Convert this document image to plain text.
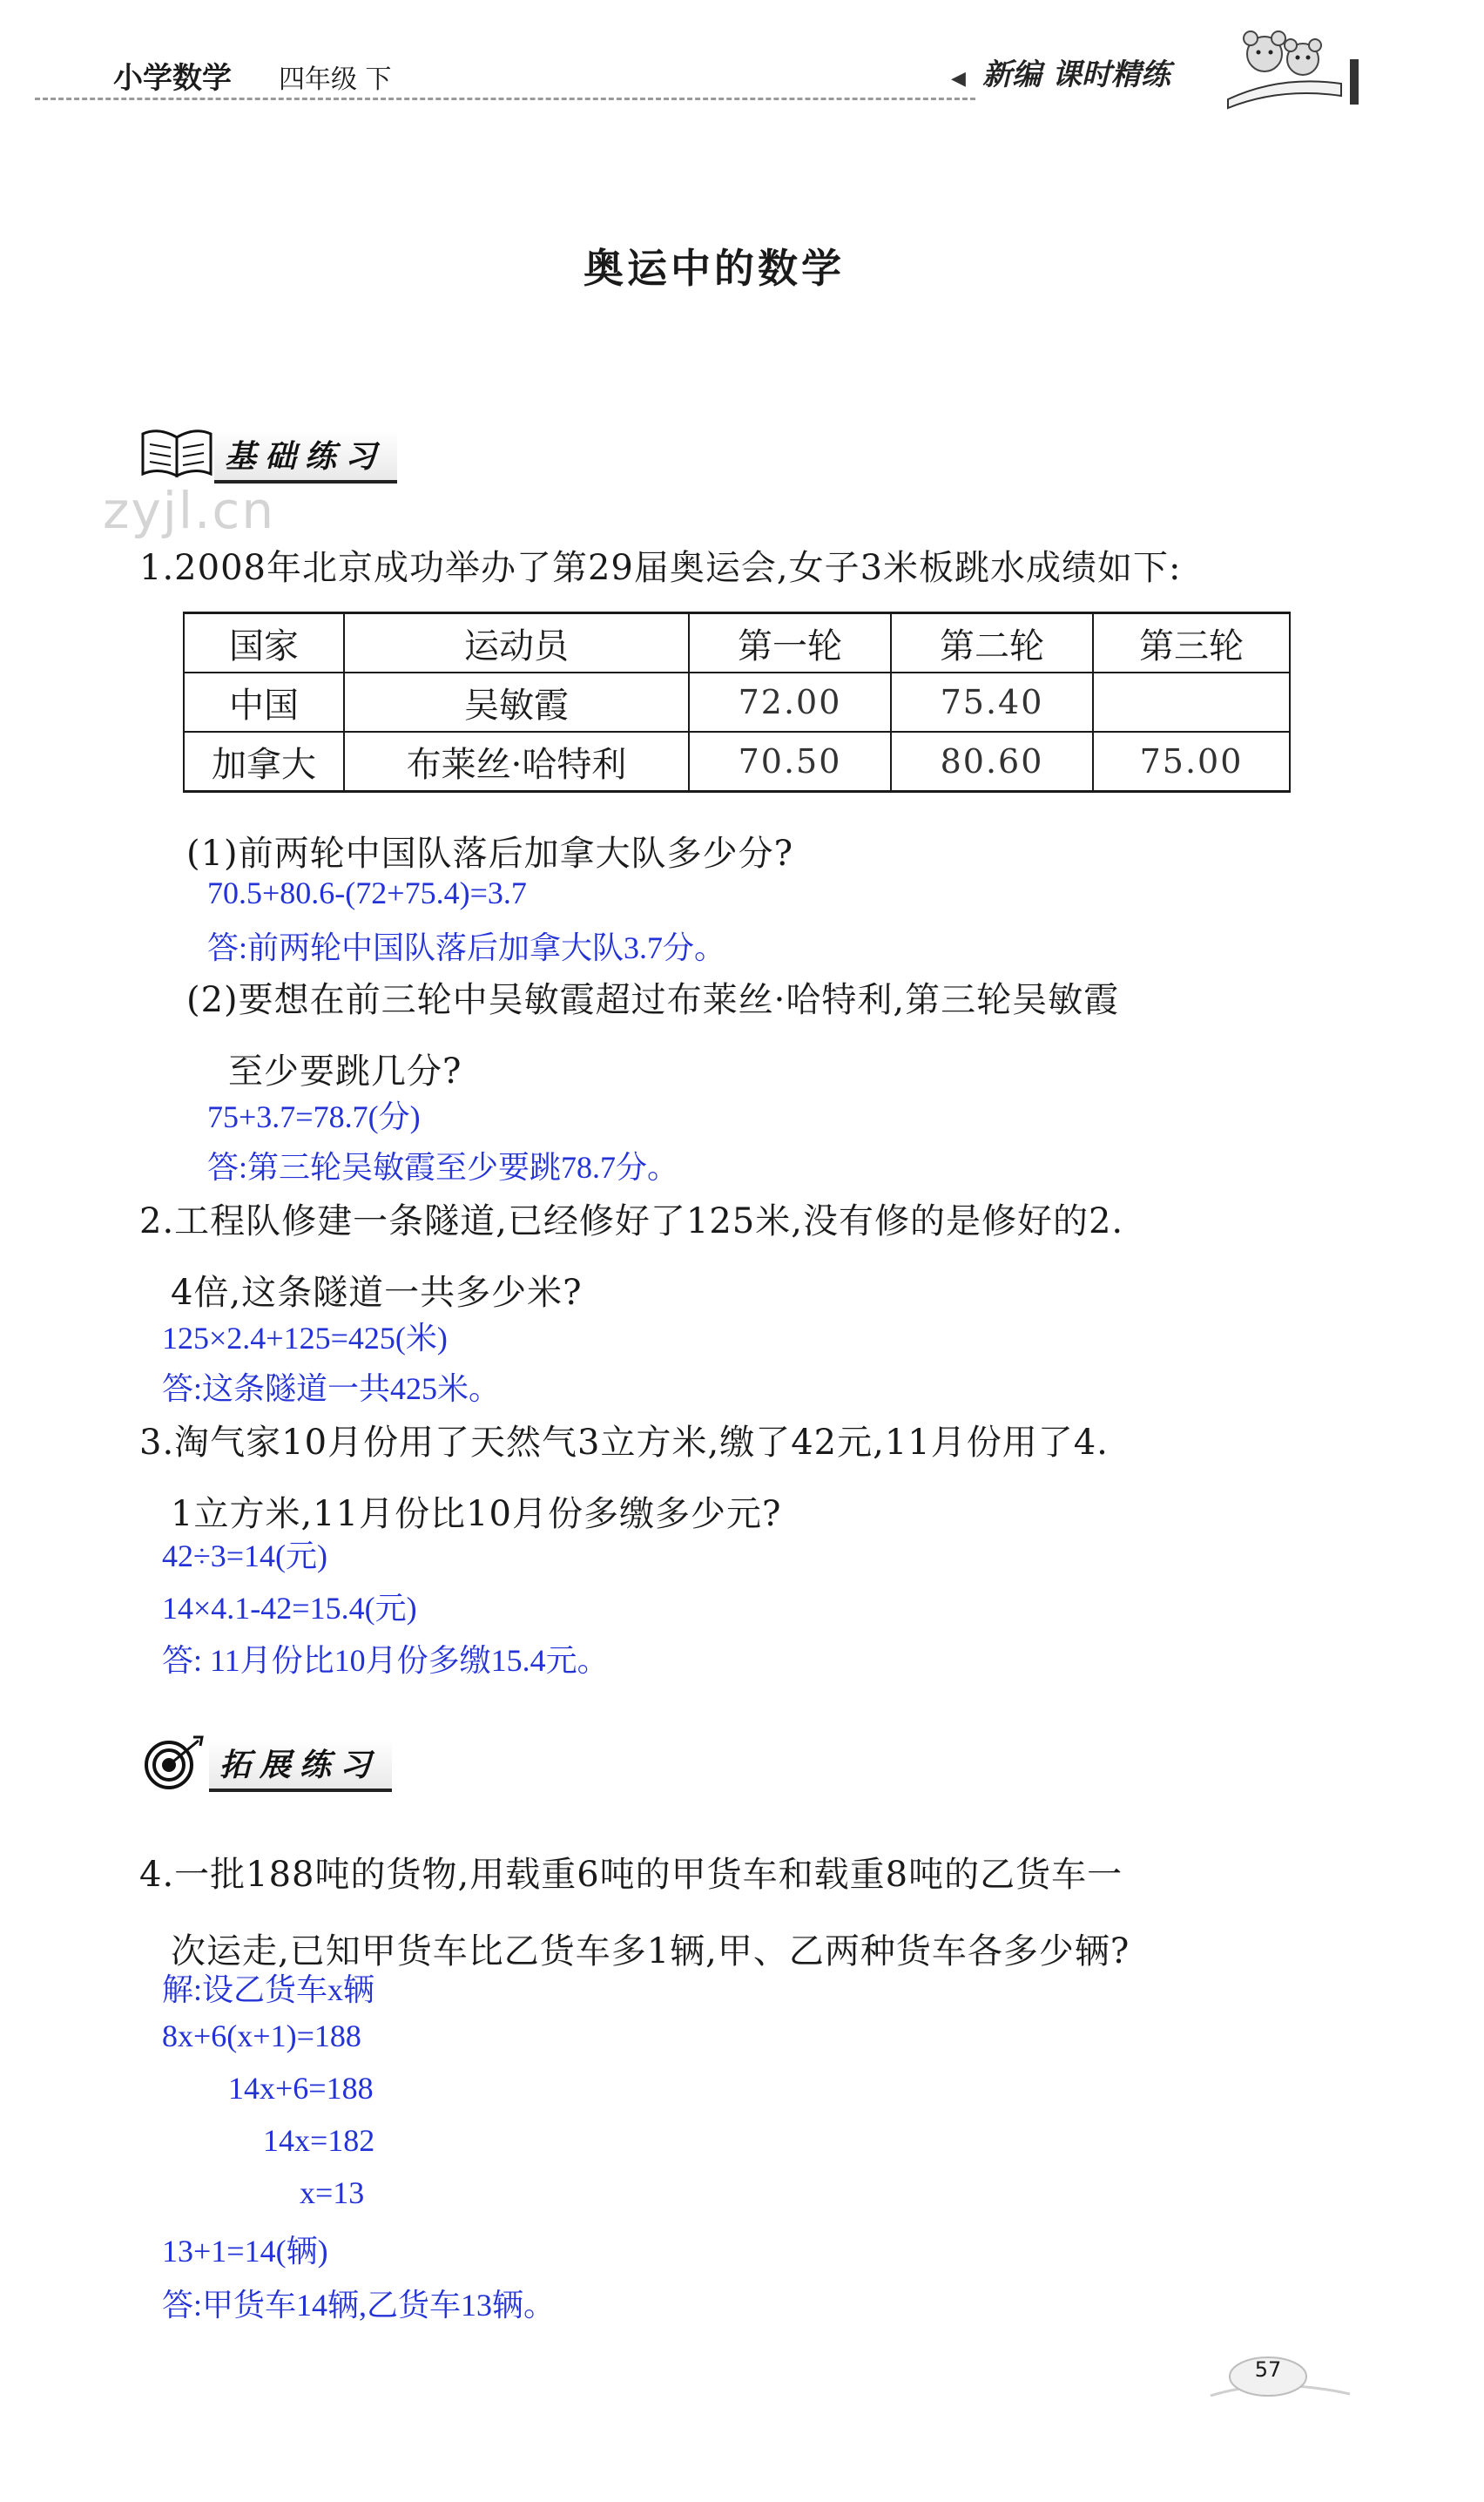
小学数学 四年级 下	◀ 新编 课时精练
奥运中的数学
基础练习
zyjl.cn
1.2008年北京成功举办了第29届奥运会,女子3米板跳水成绩如下:
国家	运动员	第一轮	第二轮	第三轮
中国	吴敏霞	72.00	75.40	
加拿大	布莱丝·哈特利	70.50	80.60	75.00
(1)前两轮中国队落后加拿大队多少分?
70.5+80.6-(72+75.4)=3.7
答:前两轮中国队落后加拿大队3.7分。
(2)要想在前三轮中吴敏霞超过布莱丝·哈特利,第三轮吴敏霞
至少要跳几分?
75+3.7=78.7(分)
答:第三轮吴敏霞至少要跳78.7分。
2.工程队修建一条隧道,已经修好了125米,没有修的是修好的2.
4倍,这条隧道一共多少米?
125×2.4+125=425(米)
答:这条隧道一共425米。
3.淘气家10月份用了天然气3立方米,缴了42元,11月份用了4.
1立方米,11月份比10月份多缴多少元?
42÷3=14(元)
14×4.1-42=15.4(元)
答: 11月份比10月份多缴15.4元。
拓展练习
4.一批188吨的货物,用载重6吨的甲货车和载重8吨的乙货车一
次运走,已知甲货车比乙货车多1辆,甲、乙两种货车各多少辆?
解:设乙货车x辆
8x+6(x+1)=188
14x+6=188
14x=182
x=13
13+1=14(辆)
答:甲货车14辆,乙货车13辆。
57
